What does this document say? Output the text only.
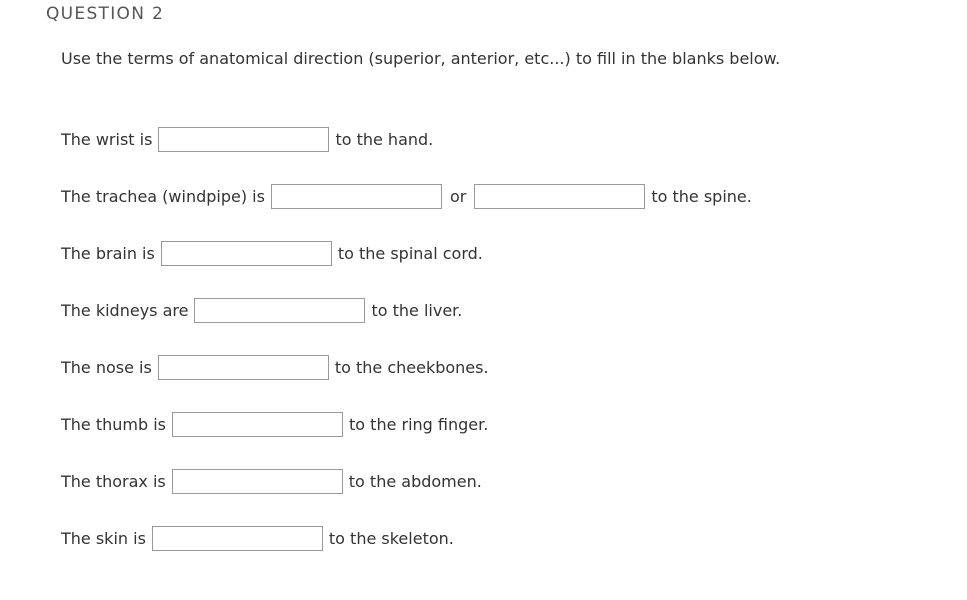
QUESTION 2
Use the terms of anatomical direction (superior, anterior, etc...) to fill in the blanks below.
The wrist is	to the hand.
The trachea (windpipe) is	or	to the spine.
The brain is	to the spinal cord.
The kidneys are	to the liver.
The nose is	to the cheekbones.
The thumb is	to the ring finger.
The thorax is	to the abdomen.
The skin is	to the skeleton.
